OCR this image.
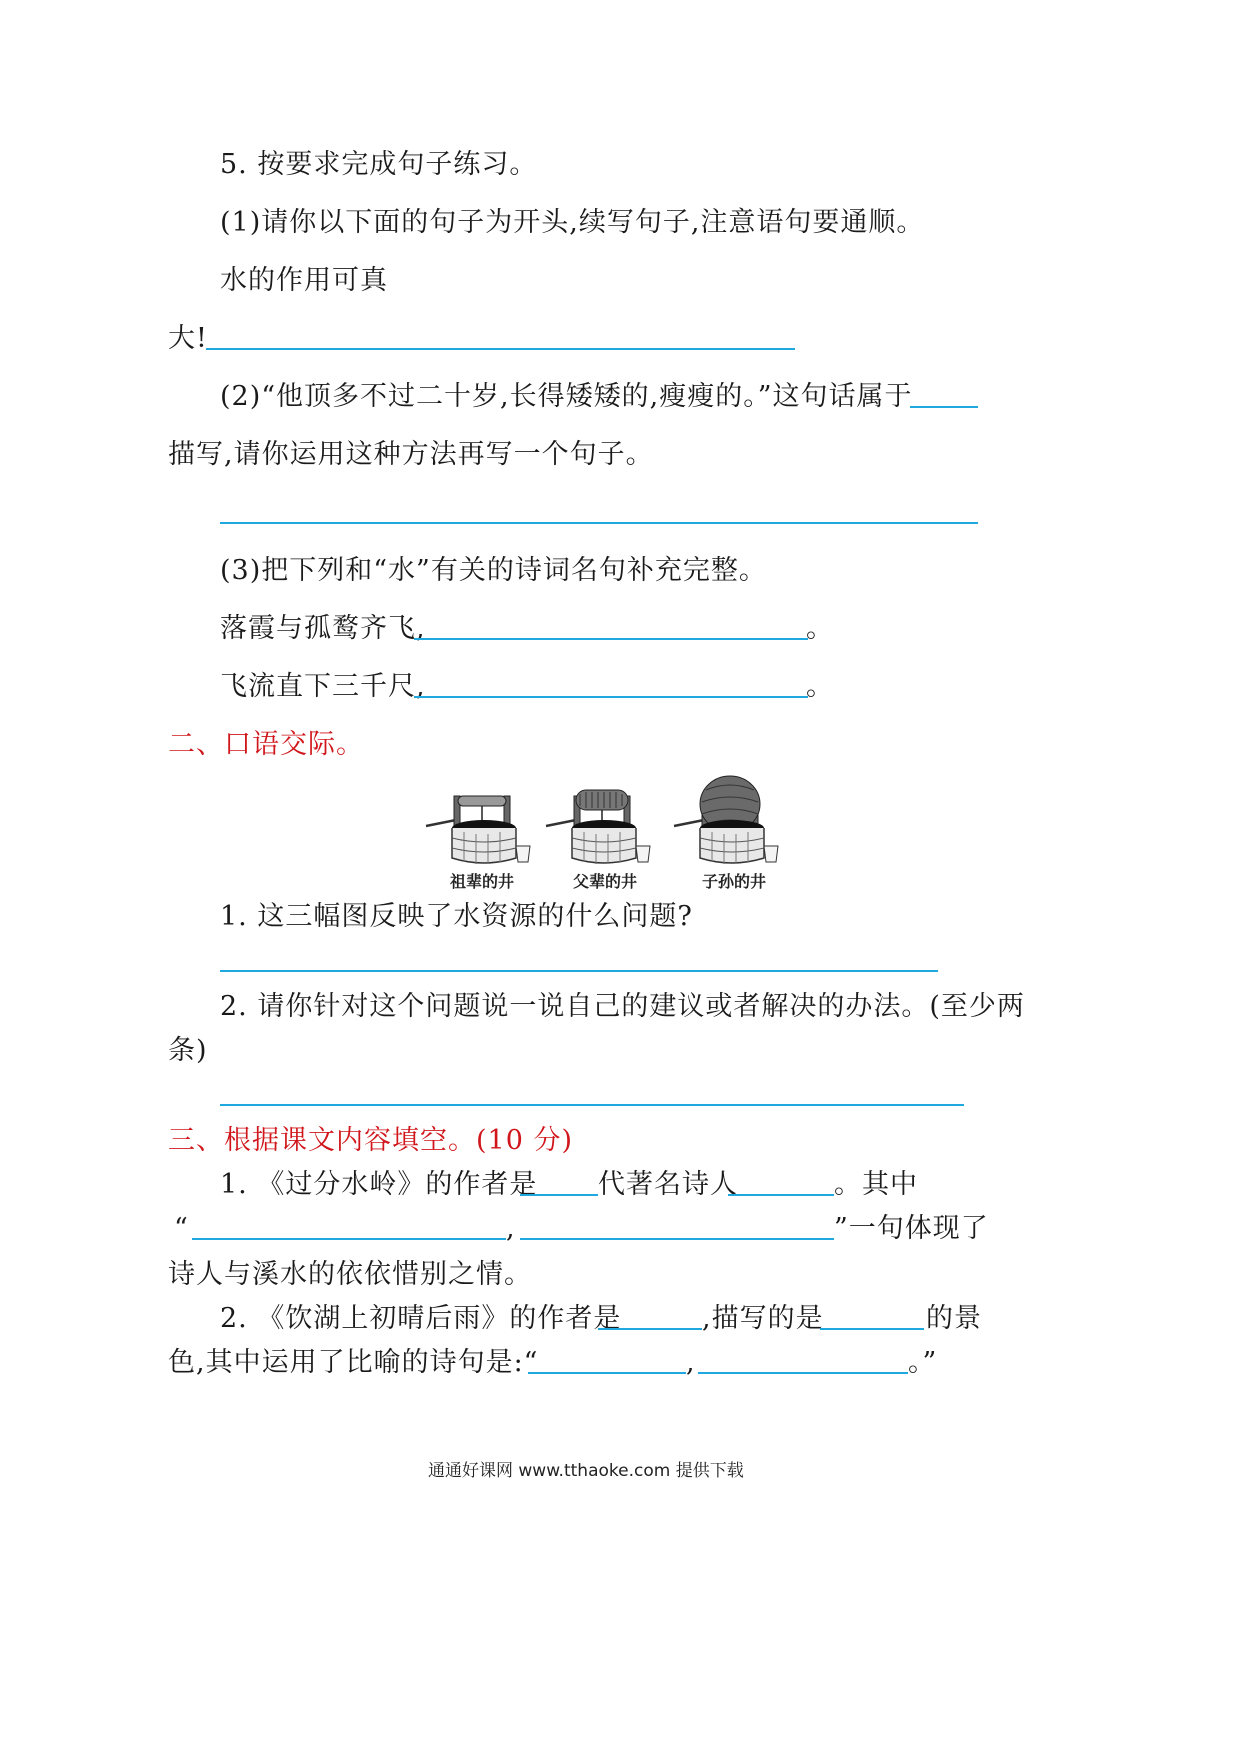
5. 按要求完成句子练习。
(1)请你以下面的句子为开头,续写句子,注意语句要通顺。
水的作用可真
大!
(2)“他顶多不过二十岁,长得矮矮的,瘦瘦的。”这句话属于
描写,请你运用这种方法再写一个句子。
(3)把下列和“水”有关的诗词名句补充完整。
落霞与孤鹜齐飞,	。
飞流直下三千尺,	。
二、口语交际。
祖辈的井	父辈的井	子孙的井
1. 这三幅图反映了水资源的什么问题?
2. 请你针对这个问题说一说自己的建议或者解决的办法。(至少两
条)
三、根据课文内容填空。(10 分)
1. 《过分水岭》的作者是 代著名诗人	。其中
“	,	”一句体现了
诗人与溪水的依依惜别之情。
2. 《饮湖上初晴后雨》的作者是	,描写的是	的景
色,其中运用了比喻的诗句是:“	,	。”
通通好课网 www.tthaoke.com 提供下载
